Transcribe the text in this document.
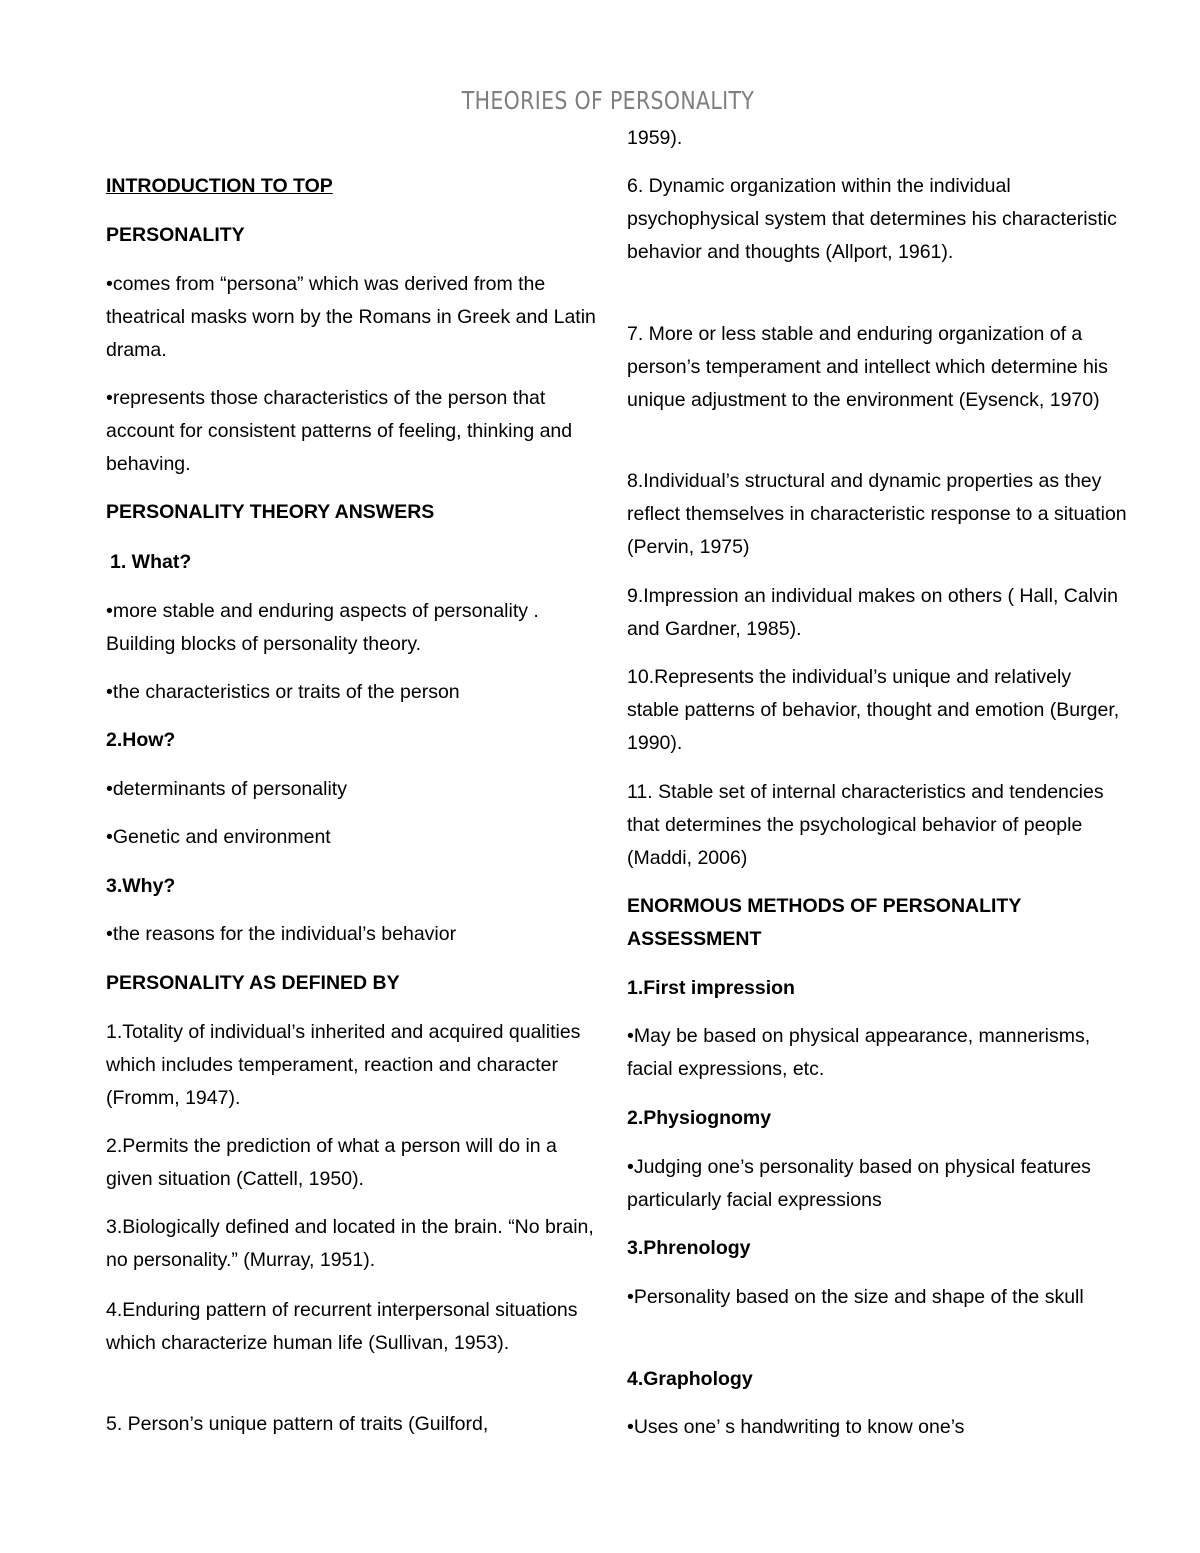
THEORIES OF PERSONALITY

INTRODUCTION TO TOP

PERSONALITY

•comes from “persona” which was derived from the theatrical masks worn by the Romans in Greek and Latin drama.

•represents those characteristics of the person that account for consistent patterns of feeling, thinking and behaving.

PERSONALITY THEORY ANSWERS

1. What?

•more stable and enduring aspects of personality . Building blocks of personality theory.

•the characteristics or traits of the person

2.How?

•determinants of personality

•Genetic and environment

3.Why?

•the reasons for the individual’s behavior

PERSONALITY AS DEFINED BY

1.Totality of individual’s inherited and acquired qualities which includes temperament, reaction and character (Fromm, 1947).

2.Permits the prediction of what a person will do in a given situation (Cattell, 1950).

3.Biologically defined and located in the brain. “No brain, no personality.” (Murray, 1951).

4.Enduring pattern of recurrent interpersonal situations which characterize human life (Sullivan, 1953).

5. Person’s unique pattern of traits (Guilford,

1959).

6. Dynamic organization within the individual psychophysical system that determines his characteristic behavior and thoughts (Allport, 1961).

7. More or less stable and enduring organization of a person’s temperament and intellect which determine his unique adjustment to the environment (Eysenck, 1970)

8.Individual’s structural and dynamic properties as they reflect themselves in characteristic response to a situation (Pervin, 1975)

9.Impression an individual makes on others ( Hall, Calvin and Gardner, 1985).

10.Represents the individual’s unique and relatively stable patterns of behavior, thought and emotion (Burger, 1990).

11. Stable set of internal characteristics and tendencies that determines the psychological behavior of people (Maddi, 2006)

ENORMOUS METHODS OF PERSONALITY ASSESSMENT

1.First impression

•May be based on physical appearance, mannerisms, facial expressions, etc.

2.Physiognomy

•Judging one’s personality based on physical features particularly facial expressions

3.Phrenology

•Personality based on the size and shape of the skull

4.Graphology

•Uses one’ s handwriting to know one’s
